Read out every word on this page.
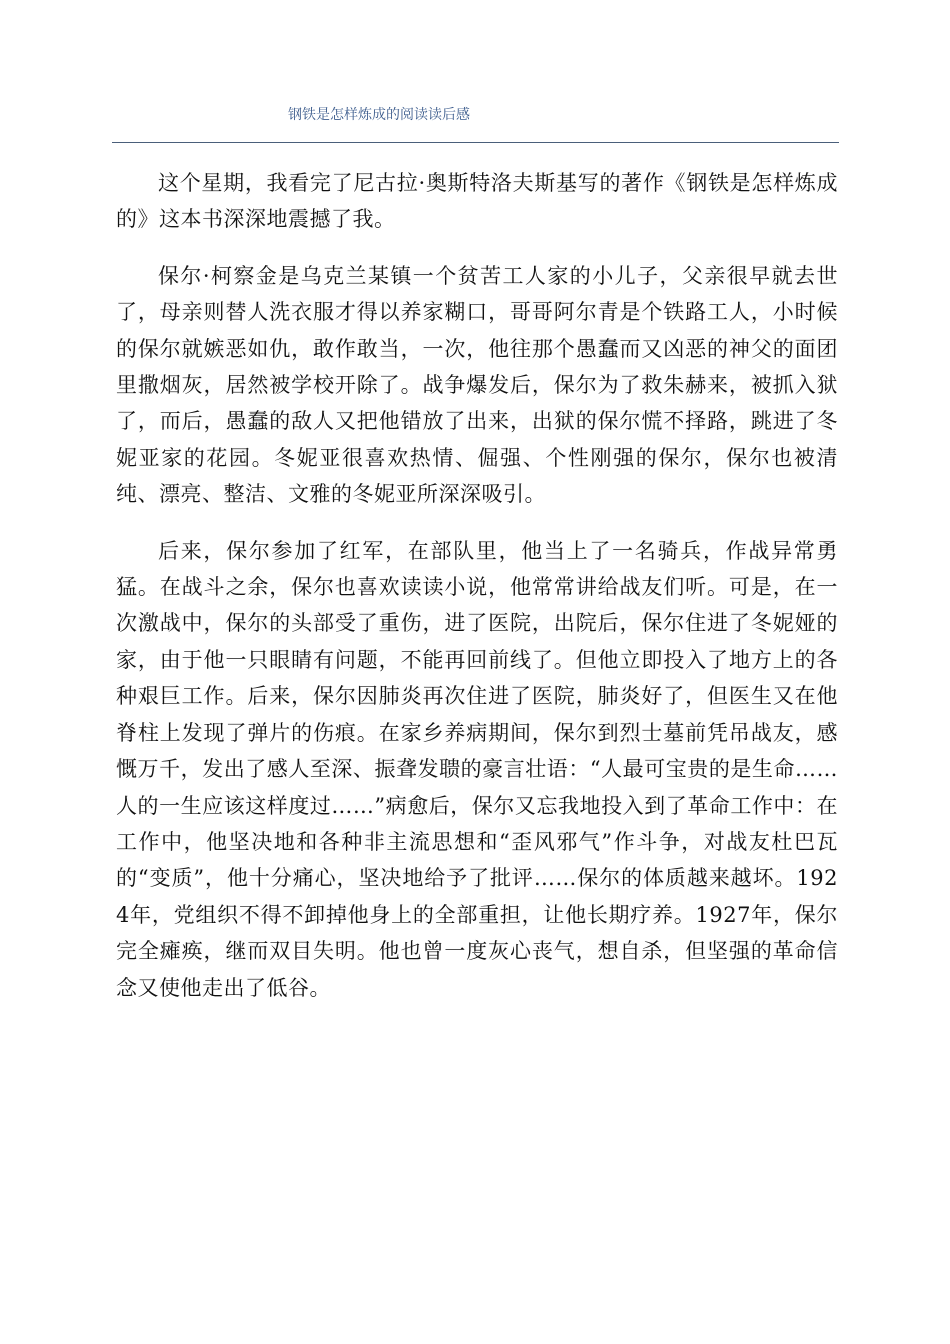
钢铁是怎样炼成的阅读读后感

这个星期，我看完了尼古拉·奥斯特洛夫斯基写的著作《钢铁是怎样炼成的》这本书深深地震撼了我。

保尔·柯察金是乌克兰某镇一个贫苦工人家的小儿子，父亲很早就去世了，母亲则替人洗衣服才得以养家糊口，哥哥阿尔青是个铁路工人，小时候的保尔就嫉恶如仇，敢作敢当，一次，他往那个愚蠢而又凶恶的神父的面团里撒烟灰，居然被学校开除了。战争爆发后，保尔为了救朱赫来，被抓入狱了，而后，愚蠢的敌人又把他错放了出来，出狱的保尔慌不择路，跳进了冬妮亚家的花园。冬妮亚很喜欢热情、倔强、个性刚强的保尔，保尔也被清纯、漂亮、整洁、文雅的冬妮亚所深深吸引。

后来，保尔参加了红军，在部队里，他当上了一名骑兵，作战异常勇猛。在战斗之余，保尔也喜欢读读小说，他常常讲给战友们听。可是，在一次激战中，保尔的头部受了重伤，进了医院，出院后，保尔住进了冬妮娅的家，由于他一只眼睛有问题，不能再回前线了。但他立即投入了地方上的各种艰巨工作。后来，保尔因肺炎再次住进了医院，肺炎好了，但医生又在他脊柱上发现了弹片的伤痕。在家乡养病期间，保尔到烈士墓前凭吊战友，感慨万千，发出了感人至深、振聋发聩的豪言壮语：“人最可宝贵的是生命……人的一生应该这样度过……”病愈后，保尔又忘我地投入到了革命工作中：在工作中，他坚决地和各种非主流思想和“歪风邪气”作斗争，对战友杜巴瓦的“变质”，他十分痛心，坚决地给予了批评……保尔的体质越来越坏。1924年，党组织不得不卸掉他身上的全部重担，让他长期疗养。1927年，保尔完全瘫痪，继而双目失明。他也曾一度灰心丧气，想自杀，但坚强的革命信念又使他走出了低谷。
